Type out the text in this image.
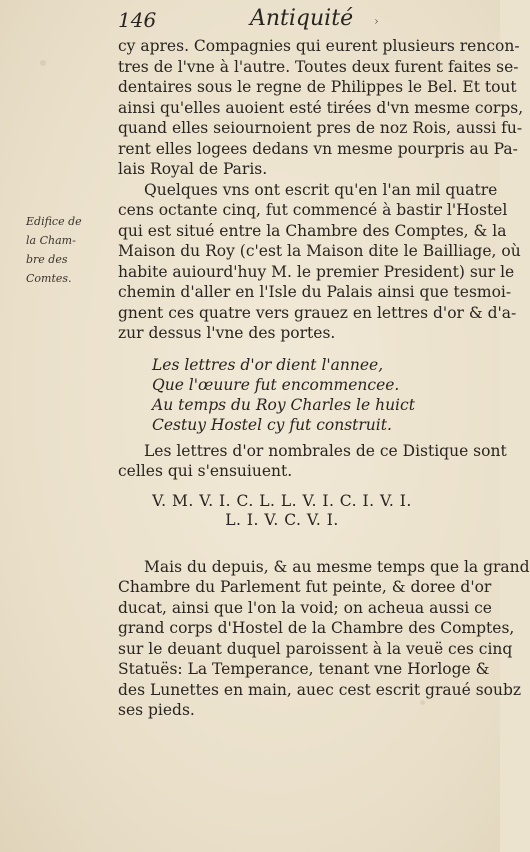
146	Antiquité ›
Edifice de
la Cham-
bre des
Comtes.
cy apres. Compagnies qui eurent plusieurs rencon-
tres de l'vne à l'autre. Toutes deux furent faites se-
dentaires sous le regne de Philippes le Bel. Et tout
ainsi qu'elles auoient esté tirées d'vn mesme corps,
quand elles seiournoient pres de noz Rois, aussi fu-
rent elles logees dedans vn mesme pourpris au Pa-
lais Royal de Paris.
Quelques vns ont escrit qu'en l'an mil quatre
cens octante cinq, fut commencé à bastir l'Hostel
qui est situé entre la Chambre des Comptes, & la
Maison du Roy (c'est la Maison dite le Bailliage, où
habite auiourd'huy M. le premier President) sur le
chemin d'aller en l'Isle du Palais ainsi que tesmoi-
gnent ces quatre vers grauez en lettres d'or & d'a-
zur dessus l'vne des portes.
Les lettres d'or dient l'annee,
Que l'œuure fut encommencee.
Au temps du Roy Charles le huict
Cestuy Hostel cy fut construit.
Les lettres d'or nombrales de ce Distique sont
celles qui s'ensuiuent.
V. M. V. I. C. L. L. V. I. C. I. V. I.
L. I. V. C. V. I.
Mais du depuis, & au mesme temps que la grand
Chambre du Parlement fut peinte, & doree d'or
ducat, ainsi que l'on la void; on acheua aussi ce
grand corps d'Hostel de la Chambre des Comptes,
sur le deuant duquel paroissent à la veuë ces cinq
Statuës: La Temperance, tenant vne Horloge &
des Lunettes en main, auec cest escrit graué soubz
ses pieds.
